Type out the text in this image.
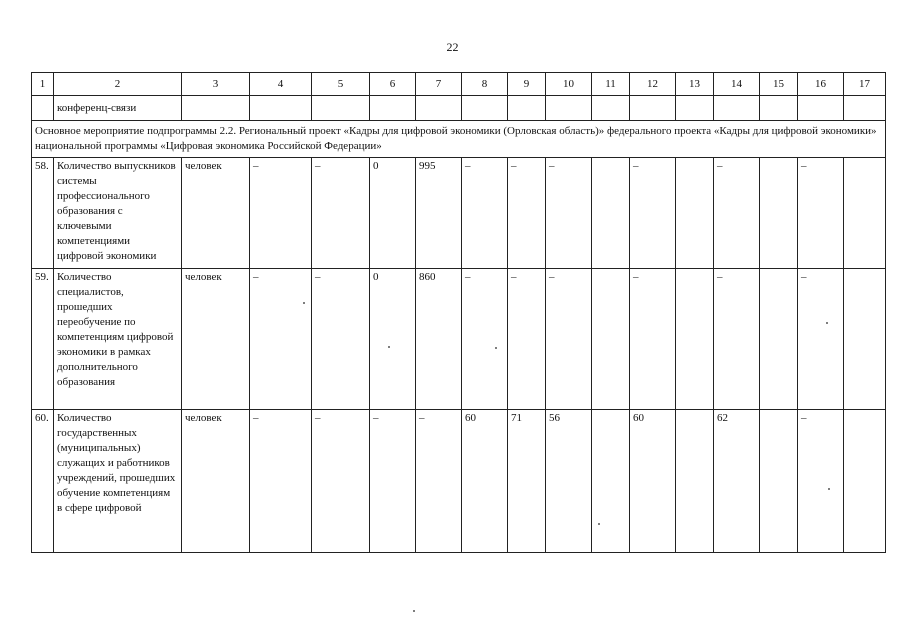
22
1	2	3	4	5	6	7	8	9	10	11	12	13	14	15	16	17
	конференц-связи															
Основное мероприятие подпрограммы 2.2. Региональный проект «Кадры для цифровой экономики (Орловская область)» федерального проекта «Кадры для цифровой экономики» национальной программы «Цифровая экономика Российской Федерации»																
58.	Количество выпускников системы профессионального образования с ключевыми компетенциями цифровой экономики	человек	–	–	0	995	–	–	–		–		–		–	
59.	Количество специалистов, прошедших переобучение по компетенциям цифровой экономики в рамках дополнительного образования	человек	–	–	0	860	–	–	–		–		–		–	
60.	Количество государственных (муниципальных) служащих и работников учреждений, прошедших обучение компетенциям в сфере цифровой	человек	–	–	–	–	60	71	56		60		62		–	
